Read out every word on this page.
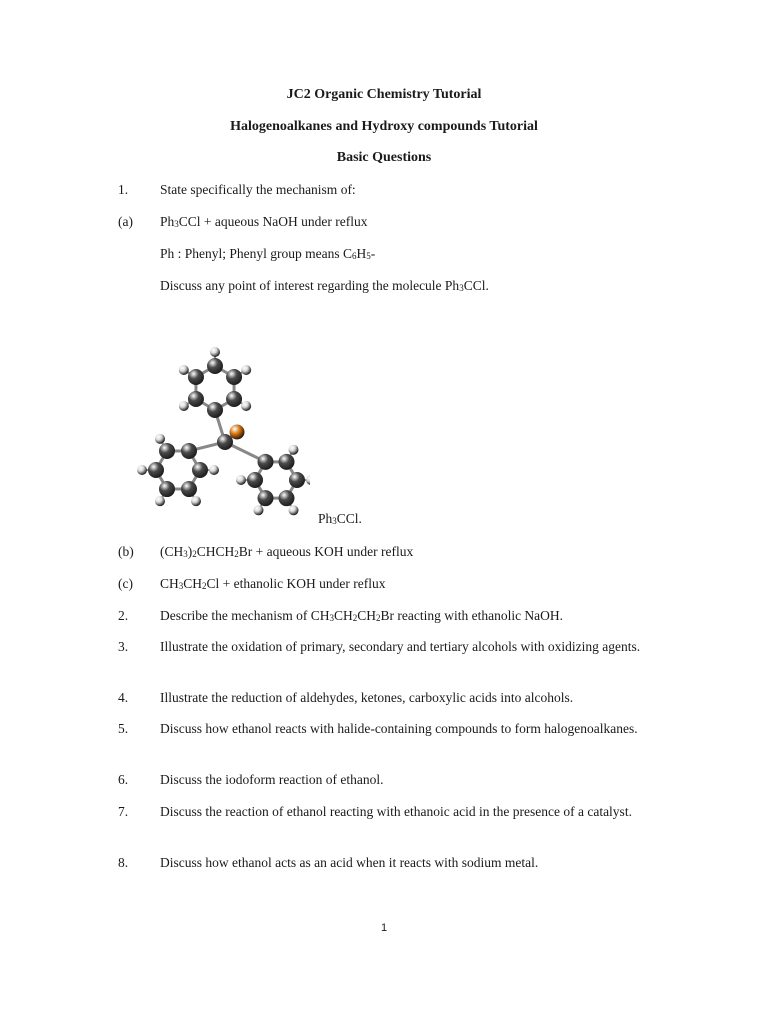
JC2 Organic Chemistry Tutorial
Halogenoalkanes and Hydroxy compounds Tutorial
Basic Questions
1. State specifically the mechanism of:
(a) $Ph_3CCl$ + aqueous NaOH under reflux
Ph : Phenyl; Phenyl group means $C_6H_5-$
Discuss any point of interest regarding the molecule $Ph_3CCl$.
$Ph_3CCl$.
(b) $(CH_3)_2CHCH_2Br$ + aqueous KOH under reflux
(c) $CH_3CH_2Cl$ + ethanolic KOH under reflux
2. Describe the mechanism of $CH_3CH_2CH_2Br$ reacting with ethanolic NaOH.
3. Illustrate the oxidation of primary, secondary and tertiary alcohols with oxidizing agents.
4. Illustrate the reduction of aldehydes, ketones, carboxylic acids into alcohols.
5. Discuss how ethanol reacts with halide-containing compounds to form halogenoalkanes.
6. Discuss the iodoform reaction of ethanol.
7. Discuss the reaction of ethanol reacting with ethanoic acid in the presence of a catalyst.
8. Discuss how ethanol acts as an acid when it reacts with sodium metal.
1
